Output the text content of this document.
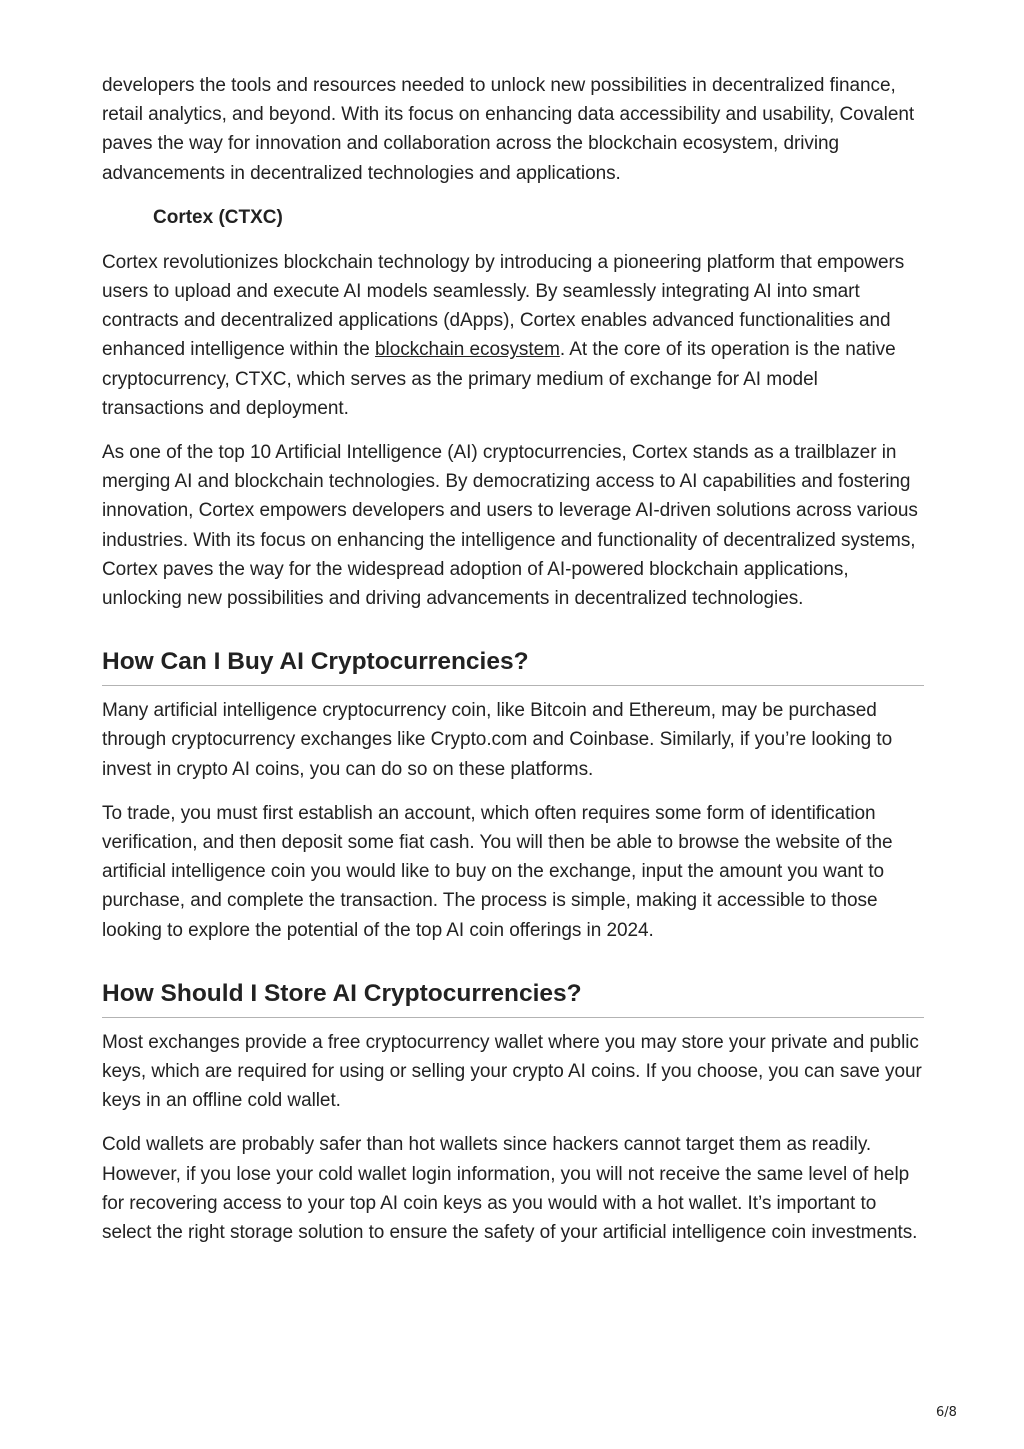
developers the tools and resources needed to unlock new possibilities in decentralized finance, retail analytics, and beyond. With its focus on enhancing data accessibility and usability, Covalent paves the way for innovation and collaboration across the blockchain ecosystem, driving advancements in decentralized technologies and applications.

Cortex (CTXC)

Cortex revolutionizes blockchain technology by introducing a pioneering platform that empowers users to upload and execute AI models seamlessly. By seamlessly integrating AI into smart contracts and decentralized applications (dApps), Cortex enables advanced functionalities and enhanced intelligence within the blockchain ecosystem. At the core of its operation is the native cryptocurrency, CTXC, which serves as the primary medium of exchange for AI model transactions and deployment.

As one of the top 10 Artificial Intelligence (AI) cryptocurrencies, Cortex stands as a trailblazer in merging AI and blockchain technologies. By democratizing access to AI capabilities and fostering innovation, Cortex empowers developers and users to leverage AI-driven solutions across various industries. With its focus on enhancing the intelligence and functionality of decentralized systems, Cortex paves the way for the widespread adoption of AI-powered blockchain applications, unlocking new possibilities and driving advancements in decentralized technologies.

How Can I Buy AI Cryptocurrencies?

Many artificial intelligence cryptocurrency coin, like Bitcoin and Ethereum, may be purchased through cryptocurrency exchanges like Crypto.com and Coinbase. Similarly, if you’re looking to invest in crypto AI coins, you can do so on these platforms.

To trade, you must first establish an account, which often requires some form of identification verification, and then deposit some fiat cash. You will then be able to browse the website of the artificial intelligence coin you would like to buy on the exchange, input the amount you want to purchase, and complete the transaction. The process is simple, making it accessible to those looking to explore the potential of the top AI coin offerings in 2024.

How Should I Store AI Cryptocurrencies?

Most exchanges provide a free cryptocurrency wallet where you may store your private and public keys, which are required for using or selling your crypto AI coins. If you choose, you can save your keys in an offline cold wallet.

Cold wallets are probably safer than hot wallets since hackers cannot target them as readily. However, if you lose your cold wallet login information, you will not receive the same level of help for recovering access to your top AI coin keys as you would with a hot wallet. It’s important to select the right storage solution to ensure the safety of your artificial intelligence coin investments.

6/8
